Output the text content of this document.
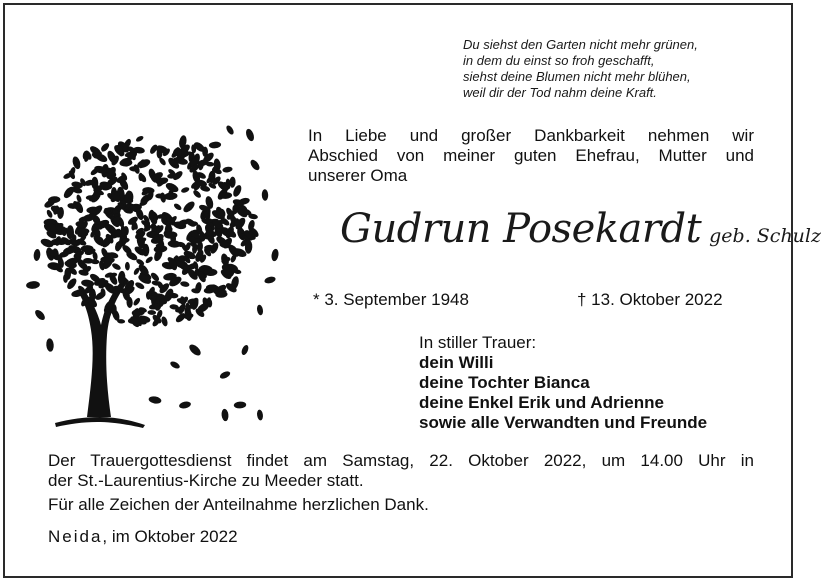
Du siehst den Garten nicht mehr grünen,
in dem du einst so froh geschafft,
siehst deine Blumen nicht mehr blühen,
weil dir der Tod nahm deine Kraft.
In Liebe und großer Dankbarkeit nehmen wir
Abschied von meiner guten Ehefrau, Mutter und
unserer Oma
Gudrun Posekardt geb. Schulz
* 3. September 1948	† 13. Oktober 2022
In stiller Trauer:
dein Willi
deine Tochter Bianca
deine Enkel Erik und Adrienne
sowie alle Verwandten und Freunde
Der Trauergottesdienst findet am Samstag, 22. Oktober 2022, um 14.00 Uhr in
der St.-Laurentius-Kirche zu Meeder statt.
Für alle Zeichen der Anteilnahme herzlichen Dank.
Neida, im Oktober 2022
